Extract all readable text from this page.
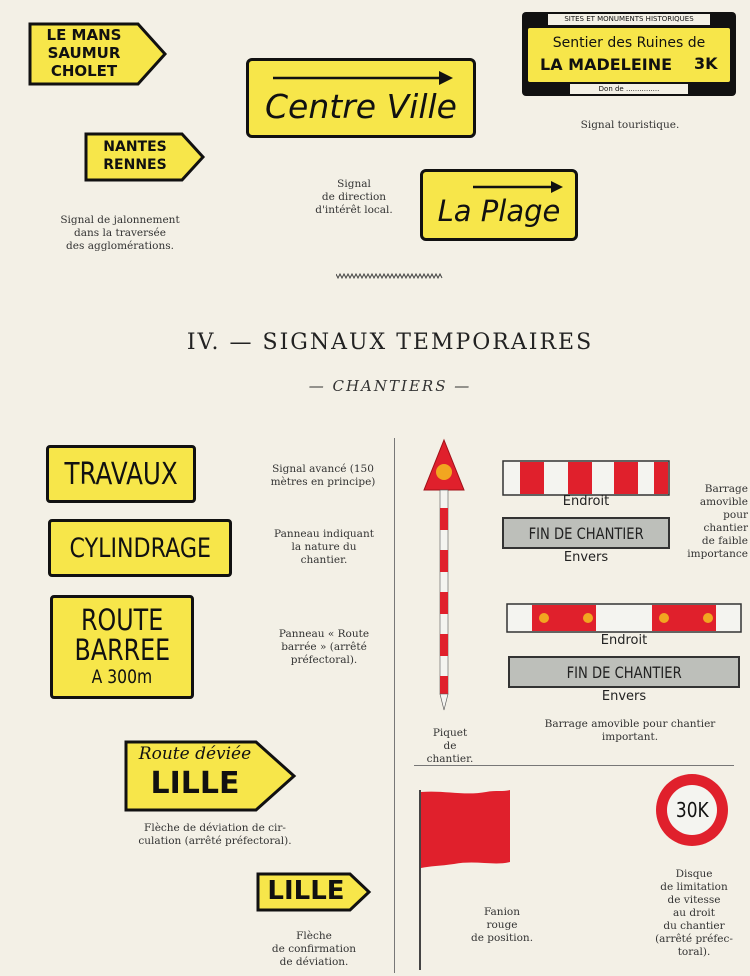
LE MANS
SAUMUR
CHOLET
NANTES
RENNES
Signal de jalonnement
dans la traversée
des agglomérations.
Centre Ville
Signal
de direction
d'intérêt local.	La Plage
SITES ET MONUMENTS HISTORIQUES
Sentier des Ruines de
LA MADELEINE	3K
Don de ...............
Signal touristique.
IV. — SIGNAUX TEMPORAIRES
— CHANTIERS —
TRAVAUX	Signal avancé (150
mètres en principe)
CYLINDRAGE	Panneau indiquant
la nature du
chantier.
ROUTE
BARREE
A 300m
Panneau « Route
barrée » (arrêté
préfectoral).
Route déviée
LILLE
Flèche de déviation de cir-
culation (arrêté préfectoral).
LILLE
Flèche
de confirmation
de déviation.
Piquet
de
chantier.
Endroit
FIN DE CHANTIER
Envers
Barrage
amovible
pour
chantier
de faible
importance
Endroit
FIN DE CHANTIER
Envers
Barrage amovible pour chantier
important.
Fanion
rouge
de position.
30K
Disque
de limitation
de vitesse
au droit
du chantier
(arrêté préfec-
toral).
